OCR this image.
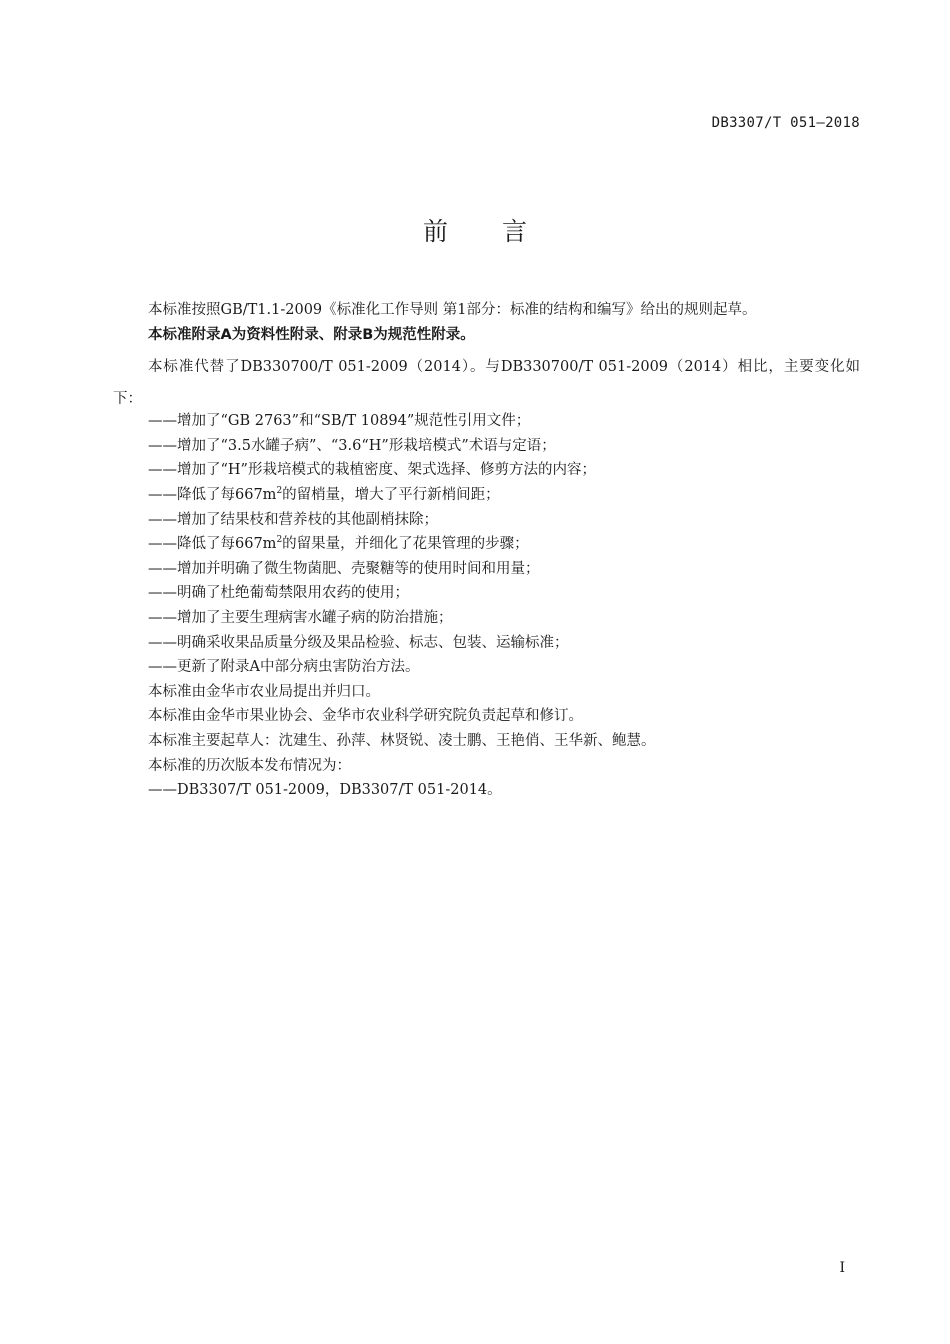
DB3307/T 051—2018
前言

本标准按照GB/T1.1-2009《标准化工作导则 第1部分：标准的结构和编写》给出的规则起草。

本标准附录A为资料性附录、附录B为规范性附录。

本标准代替了DB330700/T 051-2009（2014）。与DB330700/T 051-2009（2014）相比，主要变化如下：

——增加了“GB 2763”和“SB/T 10894”规范性引用文件；

——增加了“3.5水罐子病”、“3.6“H”形栽培模式”术语与定语；

——增加了“H”形栽培模式的栽植密度、架式选择、修剪方法的内容；

——降低了每$667m^2$的留梢量，增大了平行新梢间距；

——增加了结果枝和营养枝的其他副梢抹除；

——降低了每$667m^2$的留果量，并细化了花果管理的步骤；

——增加并明确了微生物菌肥、壳聚糖等的使用时间和用量；

——明确了杜绝葡萄禁限用农药的使用；

——增加了主要生理病害水罐子病的防治措施；

——明确采收果品质量分级及果品检验、标志、包装、运输标准；

——更新了附录A中部分病虫害防治方法。

本标准由金华市农业局提出并归口。

本标准由金华市果业协会、金华市农业科学研究院负责起草和修订。

本标准主要起草人：沈建生、孙萍、林贤锐、凌士鹏、王艳俏、王华新、鲍慧。

本标准的历次版本发布情况为：

——DB3307/T 051-2009，DB3307/T 051-2014。

I
